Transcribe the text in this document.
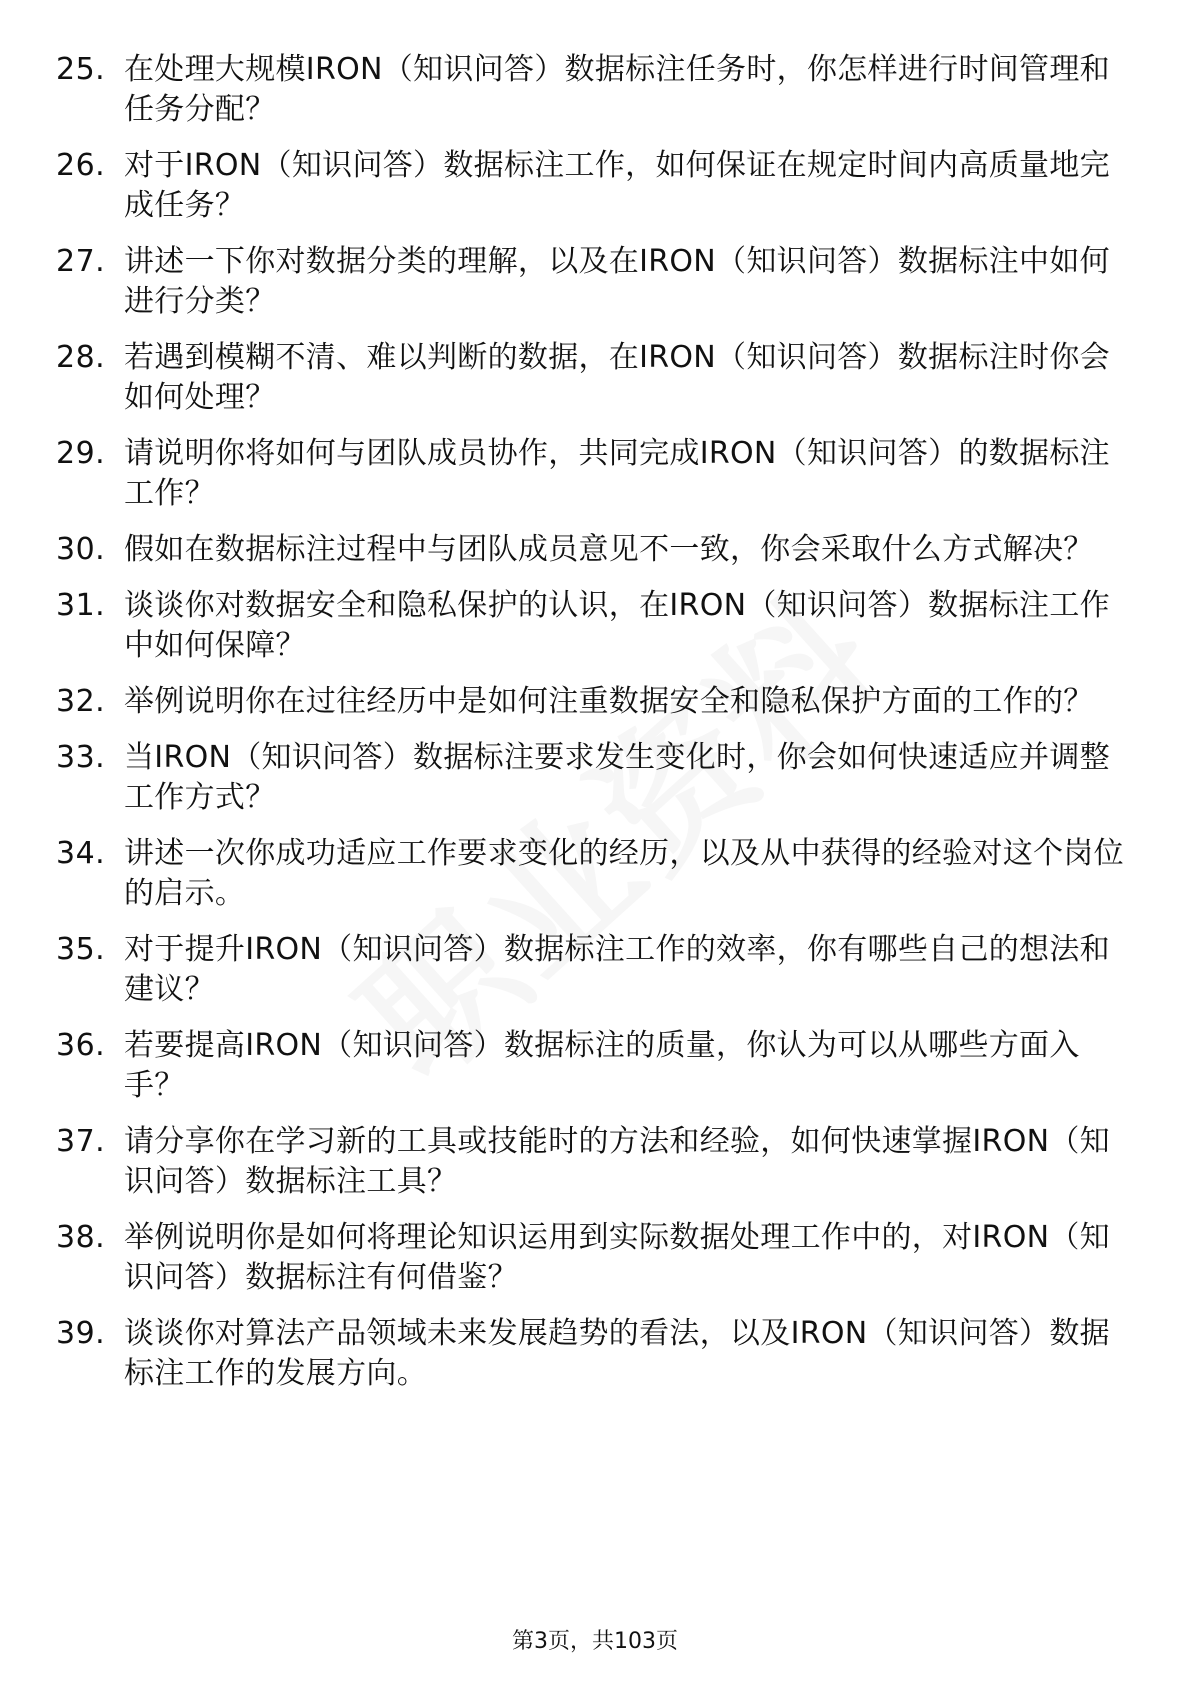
25. 在处理大规模IRON（知识问答）数据标注任务时，你怎样进行时间管理和任务分配？
26. 对于IRON（知识问答）数据标注工作，如何保证在规定时间内高质量地完成任务？
27. 讲述一下你对数据分类的理解，以及在IRON（知识问答）数据标注中如何进行分类？
28. 若遇到模糊不清、难以判断的数据，在IRON（知识问答）数据标注时你会如何处理？
29. 请说明你将如何与团队成员协作，共同完成IRON（知识问答）的数据标注工作？
30. 假如在数据标注过程中与团队成员意见不一致，你会采取什么方式解决？
31. 谈谈你对数据安全和隐私保护的认识，在IRON（知识问答）数据标注工作中如何保障？
32. 举例说明你在过往经历中是如何注重数据安全和隐私保护方面的工作的？
33. 当IRON（知识问答）数据标注要求发生变化时，你会如何快速适应并调整工作方式？
34. 讲述一次你成功适应工作要求变化的经历，以及从中获得的经验对这个岗位的启示。
35. 对于提升IRON（知识问答）数据标注工作的效率，你有哪些自己的想法和建议？
36. 若要提高IRON（知识问答）数据标注的质量，你认为可以从哪些方面入手？
37. 请分享你在学习新的工具或技能时的方法和经验，如何快速掌握IRON（知识问答）数据标注工具？
38. 举例说明你是如何将理论知识运用到实际数据处理工作中的，对IRON（知识问答）数据标注有何借鉴？
39. 谈谈你对算法产品领域未来发展趋势的看法，以及IRON（知识问答）数据标注工作的发展方向。
第3页，共103页
